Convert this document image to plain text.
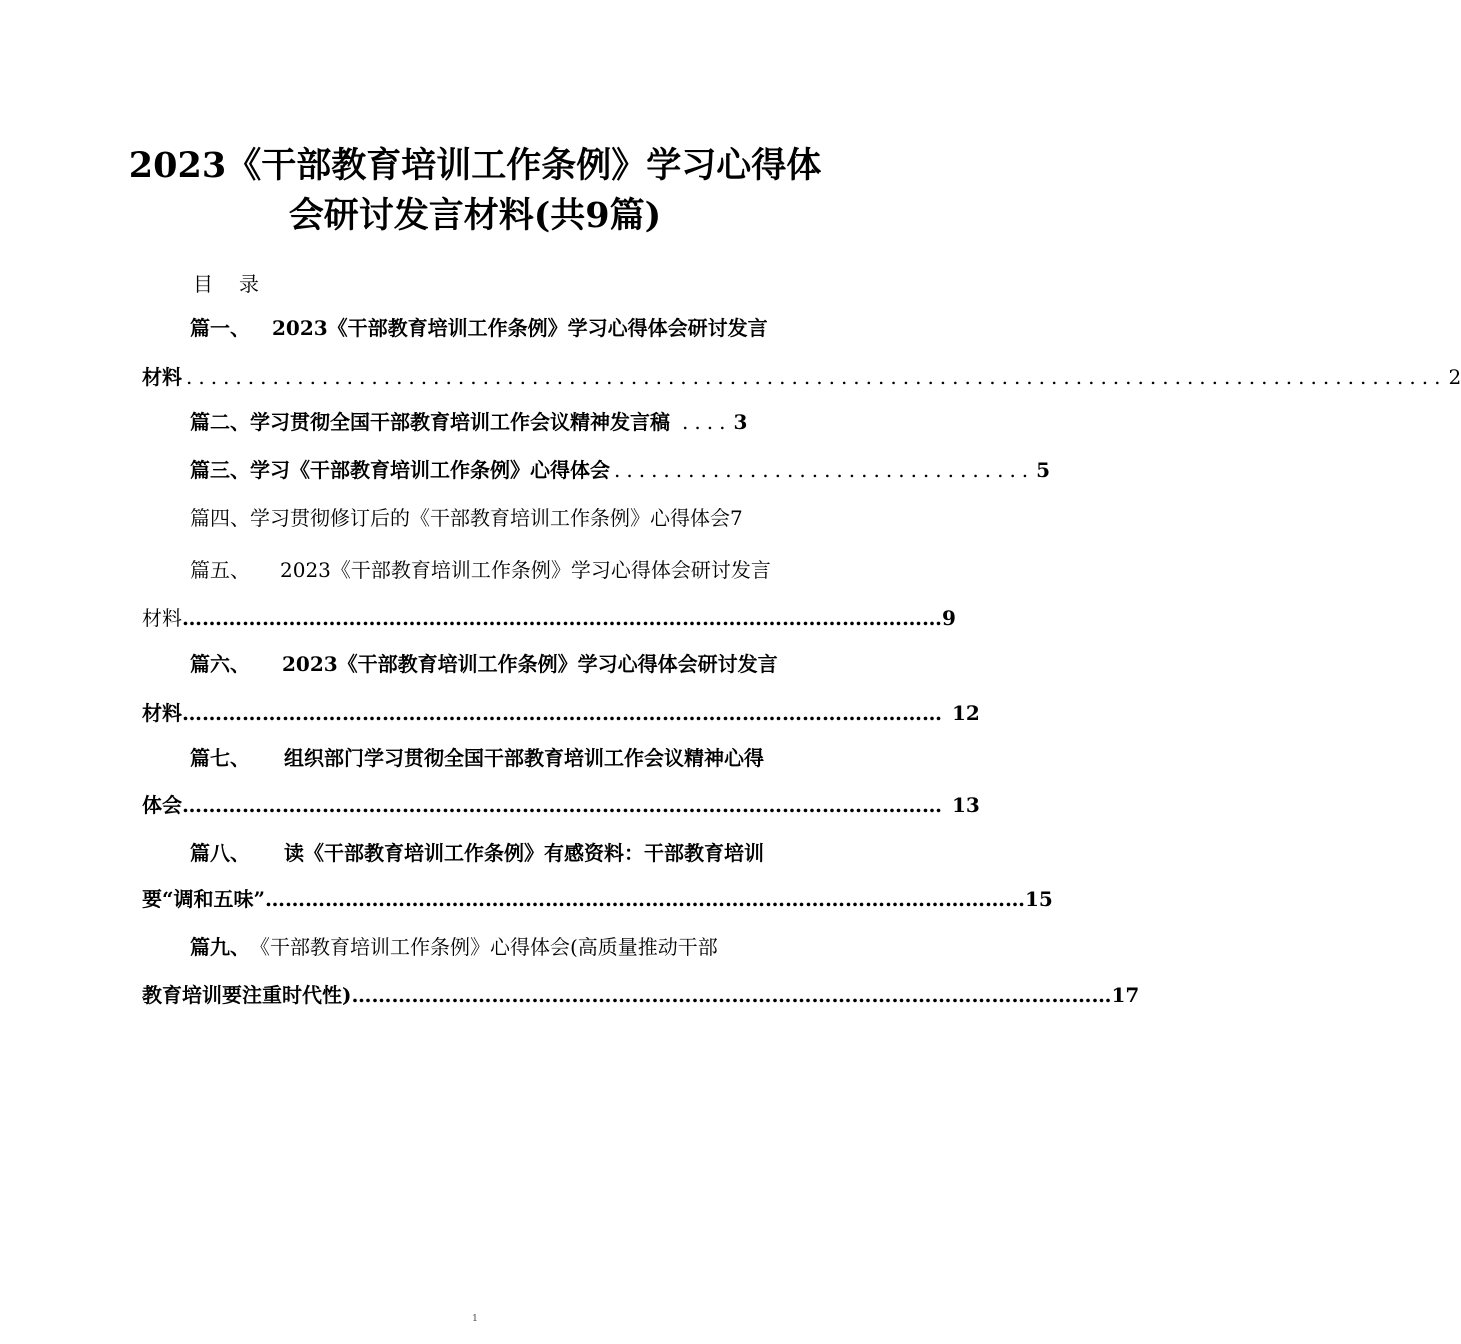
2023《干部教育培训工作条例》学习心得体
会研讨发言材料(共9篇)
目录
篇一、 2023《干部教育培训工作条例》学习心得体会研讨发言
材料 ...................................................................................................... 2
篇二、 学习贯彻全国干部教育培训工作会议精神发言稿 .... 3
篇三、 学习《干部教育培训工作条例》心得体会 .................................. 5
篇四、 学习贯彻修订后的《干部教育培训工作条例》心得体会 7
篇五、 2023《干部教育培训工作条例》学习心得体会研讨发言
材料 …………………………………………………………………………………………………… 9
篇六、 2023《干部教育培训工作条例》学习心得体会研讨发言
材料 …………………………………………………………………………………………………… 12
篇七、 组织部门学习贯彻全国干部教育培训工作会议精神心得
体会 …………………………………………………………………………………………………… 13
篇八、 读《干部教育培训工作条例》有感资料：干部教育培训
要“调和五味” …………………………………………………………………………………………………… 15
篇九、 《干部教育培训工作条例》心得体会(高质量推动干部
教育培训要注重时代性) …………………………………………………………………………………………………… 17
1
